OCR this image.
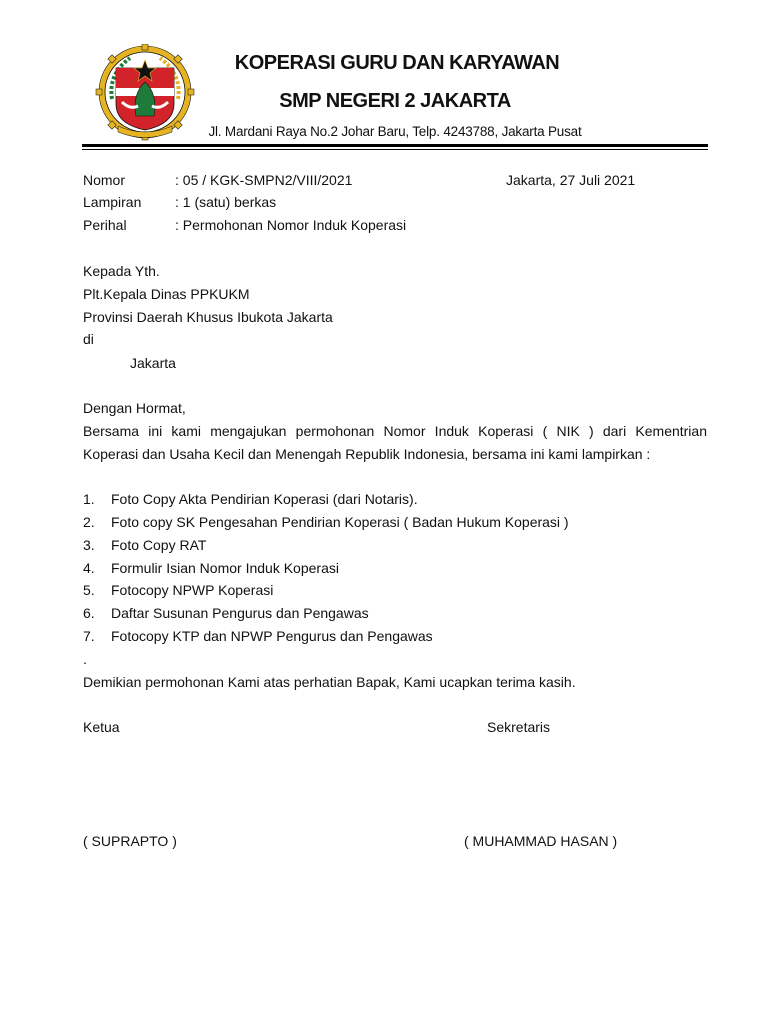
KOPERASI GURU DAN KARYAWAN
SMP NEGERI 2 JAKARTA
Jl. Mardani Raya No.2 Johar Baru, Telp. 4243788, Jakarta Pusat
Nomor	: 05 / KGK-SMPN2/VIII/2021	Jakarta, 27 Juli 2021
Lampiran : 1 (satu) berkas
Perihal	: Permohonan Nomor Induk Koperasi
Kepada Yth.
Plt.Kepala Dinas PPKUKM
Provinsi Daerah Khusus Ibukota Jakarta
di
Jakarta
Dengan Hormat,
Bersama ini kami mengajukan permohonan Nomor Induk Koperasi ( NIK ) dari Kementrian
Koperasi dan Usaha Kecil dan Menengah Republik Indonesia, bersama ini kami lampirkan :
1. Foto Copy Akta Pendirian Koperasi (dari Notaris).
2. Foto copy SK Pengesahan Pendirian Koperasi ( Badan Hukum Koperasi )
3. Foto Copy RAT
4. Formulir Isian Nomor Induk Koperasi
5. Fotocopy NPWP Koperasi
6. Daftar Susunan Pengurus dan Pengawas
7. Fotocopy KTP dan NPWP Pengurus dan Pengawas
.
Demikian permohonan Kami atas perhatian Bapak, Kami ucapkan terima kasih.
Ketua	Sekretaris
( SUPRAPTO )	( MUHAMMAD HASAN )
